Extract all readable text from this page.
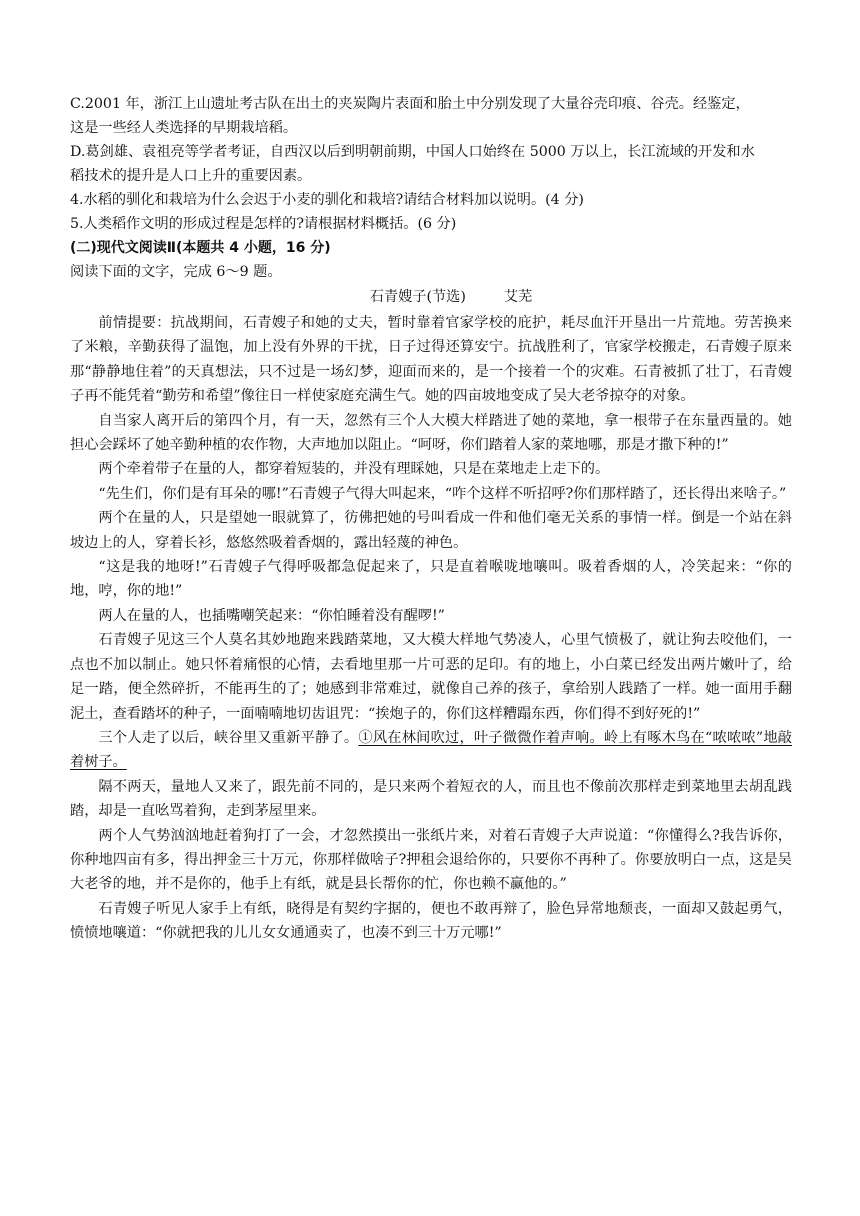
C.2001 年，浙江上山遗址考古队在出土的夹炭陶片表面和胎土中分别发现了大量谷壳印痕、谷壳。经鉴定，
这是一些经人类选择的早期栽培稻。
D.葛剑雄、袁祖亮等学者考证，自西汉以后到明朝前期，中国人口始终在 5000 万以上，长江流域的开发和水
稻技术的提升是人口上升的重要因素。
4.水稻的驯化和栽培为什么会迟于小麦的驯化和栽培?请结合材料加以说明。(4 分)
5.人类稻作文明的形成过程是怎样的?请根据材料概括。(6 分)
(二)现代文阅读Ⅱ(本题共 4 小题，16 分)
阅读下面的文字，完成 6～9 题。
石青嫂子(节选)	艾芜

前情提要：抗战期间，石青嫂子和她的丈夫，暂时靠着官家学校的庇护，耗尽血汗开垦出一片荒地。劳苦换来了米粮，辛勤获得了温饱，加上没有外界的干扰，日子过得还算安宁。抗战胜利了，官家学校搬走，石青嫂子原来那“静静地住着”的天真想法，只不过是一场幻梦，迎面而来的，是一个接着一个的灾难。石青被抓了壮丁，石青嫂子再不能凭着“勤劳和希望”像往日一样使家庭充满生气。她的四亩坡地变成了吴大老爷掠夺的对象。

自当家人离开后的第四个月，有一天，忽然有三个人大模大样踏进了她的菜地，拿一根带子在东量西量的。她担心会踩坏了她辛勤种植的农作物，大声地加以阻止。“呵呀，你们踏着人家的菜地哪，那是才撒下种的!”

两个牵着带子在量的人，都穿着短装的，并没有理睬她，只是在菜地走上走下的。

“先生们，你们是有耳朵的哪!”石青嫂子气得大叫起来，“咋个这样不听招呼?你们那样踏了，还长得出来啥子。”

两个在量的人，只是望她一眼就算了，彷佛把她的号叫看成一件和他们毫无关系的事情一样。倒是一个站在斜坡边上的人，穿着长衫，悠悠然吸着香烟的，露出轻蔑的神色。

“这是我的地呀!”石青嫂子气得呼吸都急促起来了，只是直着喉咙地嚷叫。吸着香烟的人，冷笑起来：“你的地，哼，你的地!”

两人在量的人，也插嘴嘲笑起来：“你怕睡着没有醒啰!”

石青嫂子见这三个人莫名其妙地跑来践踏菜地，又大模大样地气势凌人，心里气愤极了，就让狗去咬他们，一点也不加以制止。她只怀着痛恨的心情，去看地里那一片可恶的足印。有的地上，小白菜已经发出两片嫩叶了，给足一踏，便全然碎折，不能再生的了；她感到非常难过，就像自己养的孩子，拿给别人践踏了一样。她一面用手翻泥土，查看踏坏的种子，一面喃喃地切齿诅咒：“挨炮子的，你们这样糟蹋东西，你们得不到好死的!”

三个人走了以后，峡谷里又重新平静了。①风在林间吹过，叶子微微作着声响。岭上有啄木鸟在“哝哝哝”地敲着树子。

隔不两天，量地人又来了，跟先前不同的，是只来两个着短衣的人，而且也不像前次那样走到菜地里去胡乱践踏，却是一直吆骂着狗，走到茅屋里来。

两个人气势汹汹地赶着狗打了一会，才忽然摸出一张纸片来，对着石青嫂子大声说道：“你懂得么?我告诉你，你种地四亩有多，得出押金三十万元，你那样做啥子?押租会退给你的，只要你不再种了。你要放明白一点，这是吴大老爷的地，并不是你的，他手上有纸，就是县长帮你的忙，你也赖不赢他的。”

石青嫂子听见人家手上有纸，晓得是有契约字据的，便也不敢再辩了，脸色异常地颓丧，一面却又鼓起勇气，愤愤地嚷道：“你就把我的儿儿女女通通卖了，也凑不到三十万元哪!”
